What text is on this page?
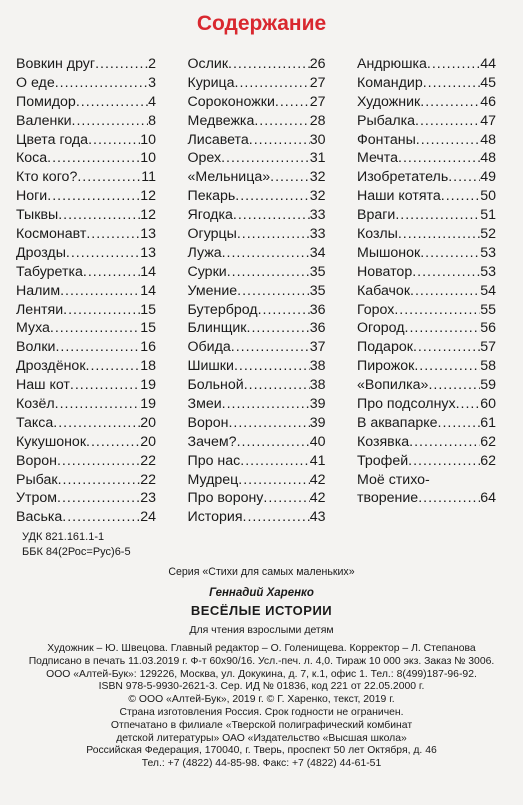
Содержание
Вовкин друг .....	2
О еде .....	3
Помидор .....	4
Валенки .....	8
Цвета года .....	10
Коса .....	10
Кто кого? .....	11
Ноги .....	12
Тыквы .....	12
Космонавт .....	13
Дрозды .....	13
Табуретка .....	14
Налим .....	14
Лентяи .....	15
Муха .....	15
Волки .....	16
Дроздёнок .....	18
Наш кот .....	19
Козёл .....	19
Такса .....	20
Кукушонок .....	20
Ворон .....	22
Рыбак .....	22
Утром .....	23
Васька .....	24
Ослик .....	26
Курица .....	27
Сороконожки ..... 27
Медвежка .....	28
Лисавета .....	30
Орех .....	31
«Мельница» .....	32
Пекарь .....	32
Ягодка .....	33
Огурцы .....	33
Лужа .....	34
Сурки .....	35
Умение .....	35
Бутерброд .....	36
Блинщик .....	36
Обида .....	37
Шишки .....	38
Больной .....	38
Змеи .....	39
Ворон .....	39
Зачем? .....	40
Про нас .....	41
Мудрец .....	42
Про ворону .....	42
История .....	43
Андрюшка .....	44
Командир .....	45
Художник .....	46
Рыбалка .....	47
Фонтаны .....	48
Мечта .....	48
Изобретатель ..... 49
Наши котята .....	50
Враги .....	51
Козлы .....	52
Мышонок .....	53
Новатор .....	53
Кабачок .....	54
Горох .....	55
Огород .....	56
Подарок .....	57
Пирожок .....	58
«Вопилка» .....	59
Про подсолнух ..... 60
В аквапарке .....	61
Козявка .....	62
Трофей .....	62
Моё стихо-
творение .....	64
УДК 821.161.1-1
ББК 84(2Рос=Рус)6-5
Серия «Стихи для самых маленьких»
Геннадий Харенко
ВЕСЁЛЫЕ ИСТОРИИ
Для чтения взрослыми детям
Художник – Ю. Швецова. Главный редактор – О. Голенищева. Корректор – Л. Степанова
Подписано в печать 11.03.2019 г. Ф-т 60х90/16. Усл.-печ. л. 4,0. Тираж 10 000 экз. Заказ № 3006.
ООО «Алтей-Бук»: 129226, Москва, ул. Докукина, д. 7, к.1, офис 1. Тел.: 8(499)187-96-92.
ISBN 978-5-9930-2621-3. Сер. ИД № 01836, код 221 от 22.05.2000 г.
© ООО «Алтей-Бук», 2019 г. © Г. Харенко, текст, 2019 г.
Страна изготовления Россия. Срок годности не ограничен.
Отпечатано в филиале «Тверской полиграфический комбинат
детской литературы» ОАО «Издательство «Высшая школа»
Российская Федерация, 170040, г. Тверь, проспект 50 лет Октября, д. 46
Тел.: +7 (4822) 44-85-98. Факс: +7 (4822) 44-61-51
